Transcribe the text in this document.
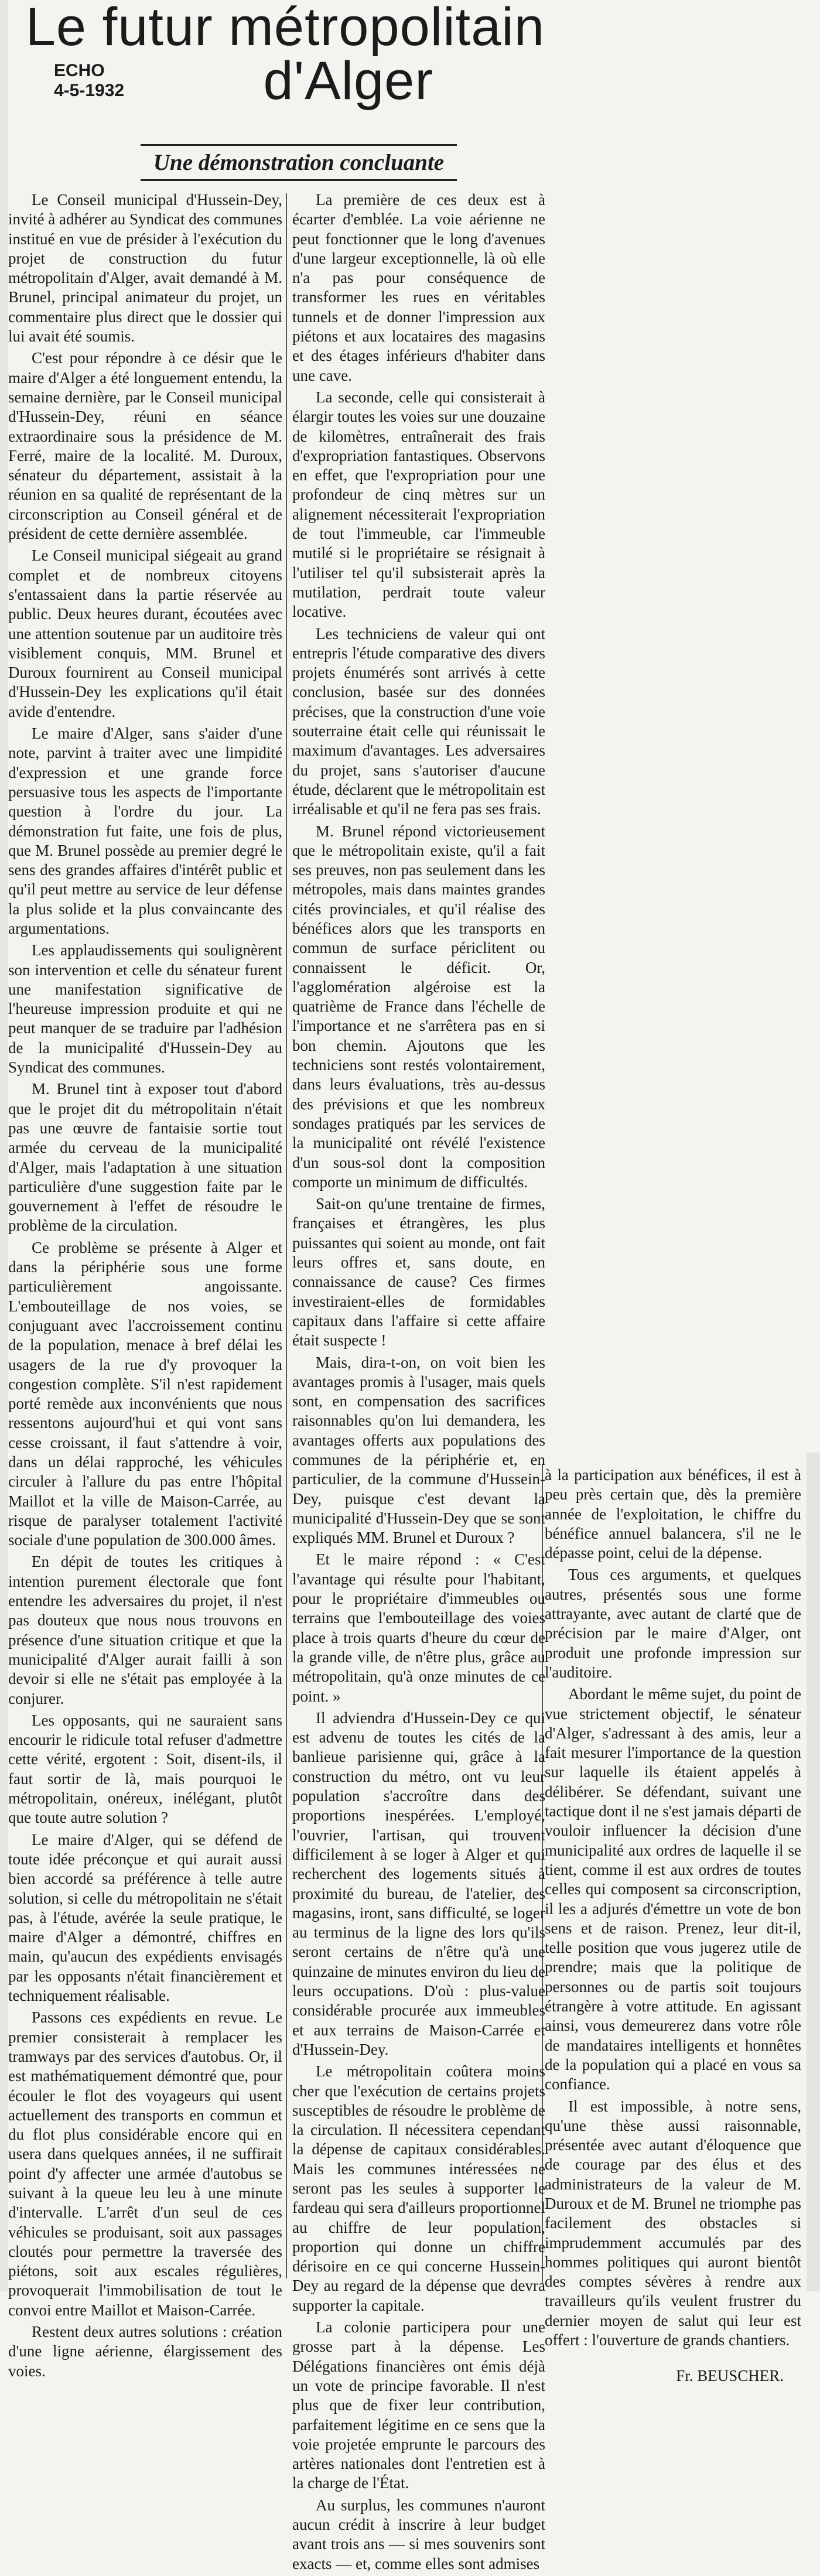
Le futur métropolitain
d'Alger
ECHO
4-5-1932
Une démonstration concluante

Le Conseil municipal d'Hussein-Dey, invité à adhérer au Syndicat des communes institué en vue de présider à l'exécution du projet de construction du futur métropolitain d'Alger, avait demandé à M. Brunel, principal animateur du projet, un commentaire plus direct que le dossier qui lui avait été soumis.

C'est pour répondre à ce désir que le maire d'Alger a été longuement entendu, la semaine dernière, par le Conseil municipal d'Hussein-Dey, réuni en séance extraordinaire sous la présidence de M. Ferré, maire de la localité. M. Duroux, sénateur du département, assistait à la réunion en sa qualité de représentant de la circonscription au Conseil général et de président de cette dernière assemblée.

Le Conseil municipal siégeait au grand complet et de nombreux citoyens s'entassaient dans la partie réservée au public. Deux heures durant, écoutées avec une attention soutenue par un auditoire très visiblement conquis, MM. Brunel et Duroux fournirent au Conseil municipal d'Hussein-Dey les explications qu'il était avide d'entendre.

Le maire d'Alger, sans s'aider d'une note, parvint à traiter avec une limpidité d'expression et une grande force persuasive tous les aspects de l'importante question à l'ordre du jour. La démonstration fut faite, une fois de plus, que M. Brunel possède au premier degré le sens des grandes affaires d'intérêt public et qu'il peut mettre au service de leur défense la plus solide et la plus convaincante des argumentations.

Les applaudissements qui soulignèrent son intervention et celle du sénateur furent une manifestation significative de l'heureuse impression produite et qui ne peut manquer de se traduire par l'adhésion de la municipalité d'Hussein-Dey au Syndicat des communes.

M. Brunel tint à exposer tout d'abord que le projet dit du métropolitain n'était pas une œuvre de fantaisie sortie tout armée du cerveau de la municipalité d'Alger, mais l'adaptation à une situation particulière d'une suggestion faite par le gouvernement à l'effet de résoudre le problème de la circulation.

Ce problème se présente à Alger et dans la périphérie sous une forme particulièrement angoissante. L'embouteillage de nos voies, se conjuguant avec l'accroissement continu de la population, menace à bref délai les usagers de la rue d'y provoquer la congestion complète. S'il n'est rapidement porté remède aux inconvénients que nous ressentons aujourd'hui et qui vont sans cesse croissant, il faut s'attendre à voir, dans un délai rapproché, les véhicules circuler à l'allure du pas entre l'hôpital Maillot et la ville de Maison-Carrée, au risque de paralyser totalement l'activité sociale d'une population de 300.000 âmes.

En dépit de toutes les critiques à intention purement électorale que font entendre les adversaires du projet, il n'est pas douteux que nous nous trouvons en présence d'une situation critique et que la municipalité d'Alger aurait failli à son devoir si elle ne s'était pas employée à la conjurer.

Les opposants, qui ne sauraient sans encourir le ridicule total refuser d'admettre cette vérité, ergotent : Soit, disent-ils, il faut sortir de là, mais pourquoi le métropolitain, onéreux, inélégant, plutôt que toute autre solution ?

Le maire d'Alger, qui se défend de toute idée préconçue et qui aurait aussi bien accordé sa préférence à telle autre solution, si celle du métropolitain ne s'était pas, à l'étude, avérée la seule pratique, le maire d'Alger a démontré, chiffres en main, qu'aucun des expédients envisagés par les opposants n'était financièrement et techniquement réalisable.

Passons ces expédients en revue. Le premier consisterait à remplacer les tramways par des services d'autobus. Or, il est mathématiquement démontré que, pour écouler le flot des voyageurs qui usent actuellement des transports en commun et du flot plus considérable encore qui en usera dans quelques années, il ne suffirait point d'y affecter une armée d'autobus se suivant à la queue leu leu à une minute d'intervalle. L'arrêt d'un seul de ces véhicules se produisant, soit aux passages cloutés pour permettre la traversée des piétons, soit aux escales régulières, provoquerait l'immobilisation de tout le convoi entre Maillot et Maison-Carrée.

Restent deux autres solutions : création d'une ligne aérienne, élargissement des voies.

La première de ces deux est à écarter d'emblée. La voie aérienne ne peut fonctionner que le long d'avenues d'une largeur exceptionnelle, là où elle n'a pas pour conséquence de transformer les rues en véritables tunnels et de donner l'impression aux piétons et aux locataires des magasins et des étages inférieurs d'habiter dans une cave.

La seconde, celle qui consisterait à élargir toutes les voies sur une douzaine de kilomètres, entraînerait des frais d'expropriation fantastiques. Observons en effet, que l'expropriation pour une profondeur de cinq mètres sur un alignement nécessiterait l'expropriation de tout l'immeuble, car l'immeuble mutilé si le propriétaire se résignait à l'utiliser tel qu'il subsisterait après la mutilation, perdrait toute valeur locative.

Les techniciens de valeur qui ont entrepris l'étude comparative des divers projets énumérés sont arrivés à cette conclusion, basée sur des données précises, que la construction d'une voie souterraine était celle qui réunissait le maximum d'avantages. Les adversaires du projet, sans s'autoriser d'aucune étude, déclarent que le métropolitain est irréalisable et qu'il ne fera pas ses frais.

M. Brunel répond victorieusement que le métropolitain existe, qu'il a fait ses preuves, non pas seulement dans les métropoles, mais dans maintes grandes cités provinciales, et qu'il réalise des bénéfices alors que les transports en commun de surface périclitent ou connaissent le déficit. Or, l'agglomération algéroise est la quatrième de France dans l'échelle de l'importance et ne s'arrêtera pas en si bon chemin. Ajoutons que les techniciens sont restés volontairement, dans leurs évaluations, très au-dessus des prévisions et que les nombreux sondages pratiqués par les services de la municipalité ont révélé l'existence d'un sous-sol dont la composition comporte un minimum de difficultés.

Sait-on qu'une trentaine de firmes, françaises et étrangères, les plus puissantes qui soient au monde, ont fait leurs offres et, sans doute, en connaissance de cause? Ces firmes investiraient-elles de formidables capitaux dans l'affaire si cette affaire était suspecte !

Mais, dira-t-on, on voit bien les avantages promis à l'usager, mais quels sont, en compensation des sacrifices raisonnables qu'on lui demandera, les avantages offerts aux populations des communes de la périphérie et, en particulier, de la commune d'Hussein-Dey, puisque c'est devant la municipalité d'Hussein-Dey que se sont expliqués MM. Brunel et Duroux ?

Et le maire répond : « C'est l'avantage qui résulte pour l'habitant, pour le propriétaire d'immeubles ou terrains que l'embouteillage des voies place à trois quarts d'heure du cœur de la grande ville, de n'être plus, grâce au métropolitain, qu'à onze minutes de ce point. »

Il adviendra d'Hussein-Dey ce qui est advenu de toutes les cités de la banlieue parisienne qui, grâce à la construction du métro, ont vu leur population s'accroître dans des proportions inespérées. L'employé, l'ouvrier, l'artisan, qui trouvent difficilement à se loger à Alger et qui recherchent des logements situés à proximité du bureau, de l'atelier, des magasins, iront, sans difficulté, se loger au terminus de la ligne des lors qu'ils seront certains de n'être qu'à une quinzaine de minutes environ du lieu de leurs occupations. D'où : plus-value considérable procurée aux immeubles et aux terrains de Maison-Carrée et d'Hussein-Dey.

Le métropolitain coûtera moins cher que l'exécution de certains projets susceptibles de résoudre le problème de la circulation. Il nécessitera cependant la dépense de capitaux considérables. Mais les communes intéressées ne seront pas les seules à supporter le fardeau qui sera d'ailleurs proportionnel au chiffre de leur population, proportion qui donne un chiffre dérisoire en ce qui concerne Hussein-Dey au regard de la dépense que devra supporter la capitale.

La colonie participera pour une grosse part à la dépense. Les Délégations financières ont émis déjà un vote de principe favorable. Il n'est plus que de fixer leur contribution, parfaitement légitime en ce sens que la voie projetée emprunte le parcours des artères nationales dont l'entretien est à la charge de l'État.

Au surplus, les communes n'auront aucun crédit à inscrire à leur budget avant trois ans — si mes souvenirs sont exacts — et, comme elles sont admises

à la participation aux bénéfices, il est à peu près certain que, dès la première année de l'exploitation, le chiffre du bénéfice annuel balancera, s'il ne le dépasse point, celui de la dépense.

Tous ces arguments, et quelques autres, présentés sous une forme attrayante, avec autant de clarté que de précision par le maire d'Alger, ont produit une profonde impression sur l'auditoire.

Abordant le même sujet, du point de vue strictement objectif, le sénateur d'Alger, s'adressant à des amis, leur a fait mesurer l'importance de la question sur laquelle ils étaient appelés à délibérer. Se défendant, suivant une tactique dont il ne s'est jamais départi de vouloir influencer la décision d'une municipalité aux ordres de laquelle il se tient, comme il est aux ordres de toutes celles qui composent sa circonscription, il les a adjurés d'émettre un vote de bon sens et de raison. Prenez, leur dit-il, telle position que vous jugerez utile de prendre; mais que la politique de personnes ou de partis soit toujours étrangère à votre attitude. En agissant ainsi, vous demeurerez dans votre rôle de mandataires intelligents et honnêtes de la population qui a placé en vous sa confiance.

Il est impossible, à notre sens, qu'une thèse aussi raisonnable, présentée avec autant d'éloquence que de courage par des élus et des administrateurs de la valeur de M. Duroux et de M. Brunel ne triomphe pas facilement des obstacles si imprudemment accumulés par des hommes politiques qui auront bientôt des comptes sévères à rendre aux travailleurs qu'ils veulent frustrer du dernier moyen de salut qui leur est offert : l'ouverture de grands chantiers.

Fr. BEUSCHER.
